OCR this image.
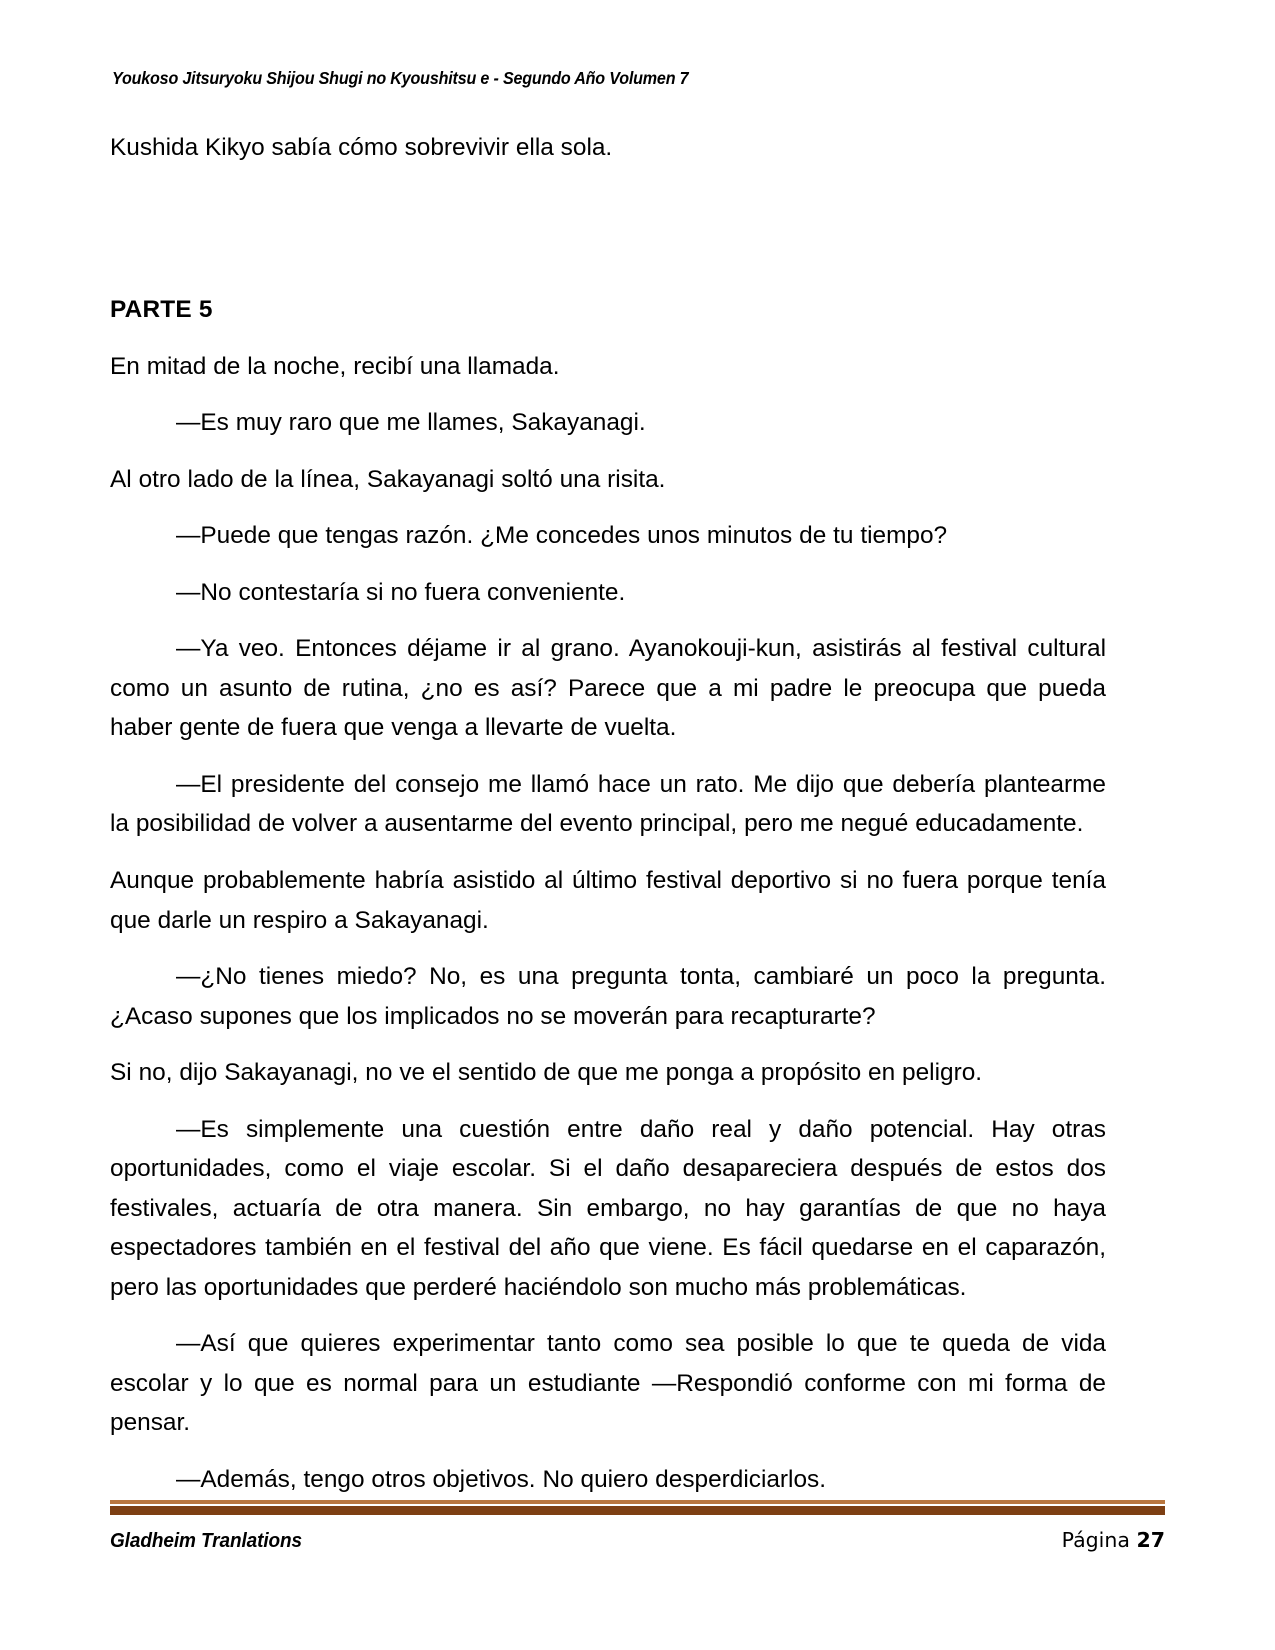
Youkoso Jitsuryoku Shijou Shugi no Kyoushitsu e - Segundo Año Volumen 7

Kushida Kikyo sabía cómo sobrevivir ella sola.

PARTE 5

En mitad de la noche, recibí una llamada.

—Es muy raro que me llames, Sakayanagi.

Al otro lado de la línea, Sakayanagi soltó una risita.

—Puede que tengas razón. ¿Me concedes unos minutos de tu tiempo?

—No contestaría si no fuera conveniente.

—Ya veo. Entonces déjame ir al grano. Ayanokouji-kun, asistirás al festival cultural como un asunto de rutina, ¿no es así? Parece que a mi padre le preocupa que pueda haber gente de fuera que venga a llevarte de vuelta.

—El presidente del consejo me llamó hace un rato. Me dijo que debería plantearme la posibilidad de volver a ausentarme del evento principal, pero me negué educadamente.

Aunque probablemente habría asistido al último festival deportivo si no fuera porque tenía que darle un respiro a Sakayanagi.

—¿No tienes miedo? No, es una pregunta tonta, cambiaré un poco la pregunta. ¿Acaso supones que los implicados no se moverán para recapturarte?

Si no, dijo Sakayanagi, no ve el sentido de que me ponga a propósito en peligro.

—Es simplemente una cuestión entre daño real y daño potencial. Hay otras oportunidades, como el viaje escolar. Si el daño desapareciera después de estos dos festivales, actuaría de otra manera. Sin embargo, no hay garantías de que no haya espectadores también en el festival del año que viene. Es fácil quedarse en el caparazón, pero las oportunidades que perderé haciéndolo son mucho más problemáticas.

—Así que quieres experimentar tanto como sea posible lo que te queda de vida escolar y lo que es normal para un estudiante —Respondió conforme con mi forma de pensar.

—Además, tengo otros objetivos. No quiero desperdiciarlos.

Gladheim Tranlations	Página 27
